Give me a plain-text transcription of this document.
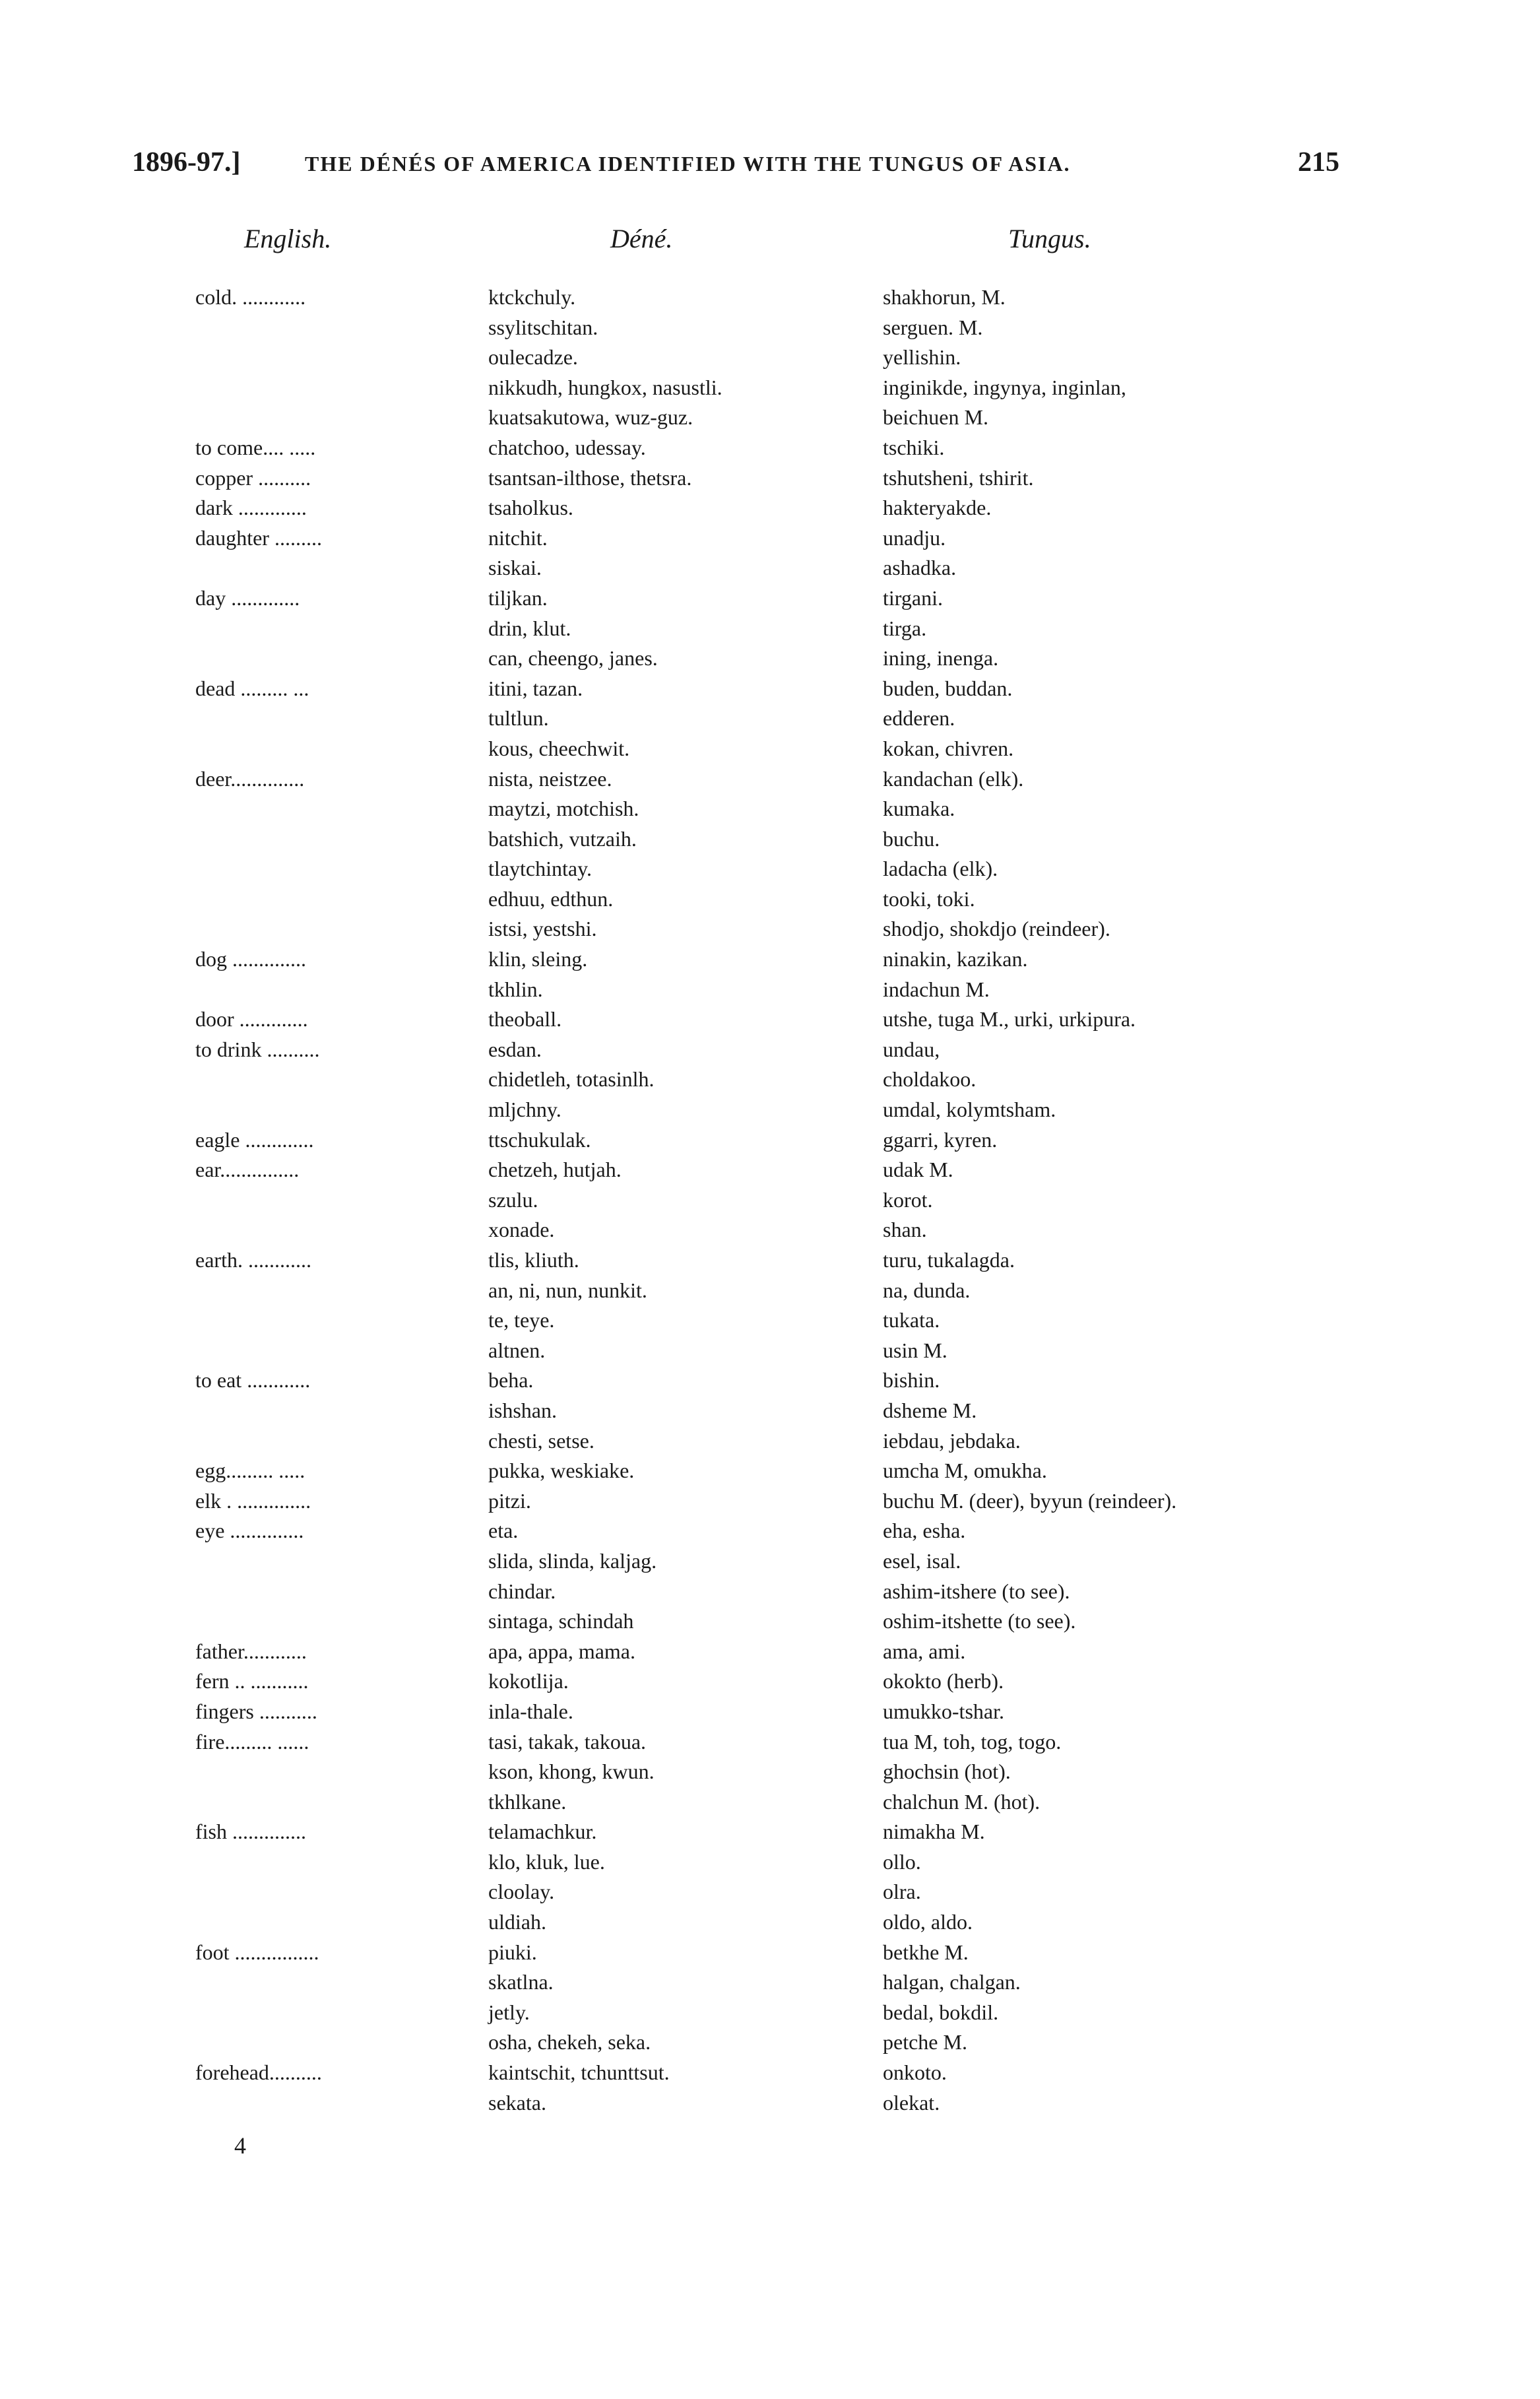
1896-97.]	THE DÉNÉS OF AMERICA IDENTIFIED WITH THE TUNGUS OF ASIA.	215
English.	Déné.	Tungus.
cold. ............	ktckchuly.	shakhorun, M.
ssylitschitan.	serguen. M.
oulecadze.	yellishin.
nikkudh, hungkox, nasustli.	inginikde, ingynya, inginlan,
kuatsakutowa, wuz-guz.	beichuen M.
to come.... .....	chatchoo, udessay.	tschiki.
copper ..........	tsantsan-ilthose, thetsra.	tshutsheni, tshirit.
dark .............	tsaholkus.	hakteryakde.
daughter .........	nitchit.	unadju.
siskai.	ashadka.
day .............	tiljkan.	tirgani.
drin, klut.	tirga.
can, cheengo, janes.	ining, inenga.
dead ......... ...	itini, tazan.	buden, buddan.
tultlun.	edderen.
kous, cheechwit.	kokan, chivren.
deer..............	nista, neistzee.	kandachan (elk).
maytzi, motchish.	kumaka.
batshich, vutzaih.	buchu.
tlaytchintay.	ladacha (elk).
edhuu, edthun.	tooki, toki.
istsi, yestshi.	shodjo, shokdjo (reindeer).
dog ..............	klin, sleing.	ninakin, kazikan.
tkhlin.	indachun M.
door .............	theoball.	utshe, tuga M., urki, urkipura.
to drink ..........	esdan.	undau,
chidetleh, totasinlh.	choldakoo.
mljchny.	umdal, kolymtsham.
eagle .............	ttschukulak.	ggarri, kyren.
ear...............	chetzeh, hutjah.	udak M.
szulu.	korot.
xonade.	shan.
earth. ............	tlis, kliuth.	turu, tukalagda.
an, ni, nun, nunkit.	na, dunda.
te, teye.	tukata.
altnen.	usin M.
to eat ............	beha.	bishin.
ishshan.	dsheme M.
chesti, setse.	iebdau, jebdaka.
egg......... .....	pukka, weskiake.	umcha M, omukha.
elk . ..............	pitzi.	buchu M. (deer), byyun (reindeer).
eye ..............	eta.	eha, esha.
slida, slinda, kaljag.	esel, isal.
chindar.	ashim-itshere (to see).
sintaga, schindah	oshim-itshette (to see).
father............	apa, appa, mama.	ama, ami.
fern .. ...........	kokotlija.	okokto (herb).
fingers ...........	inla-thale.	umukko-tshar.
fire......... ......	tasi, takak, takoua.	tua M, toh, tog, togo.
kson, khong, kwun.	ghochsin (hot).
tkhlkane.	chalchun M. (hot).
fish ..............	telamachkur.	nimakha M.
klo, kluk, lue.	ollo.
cloolay.	olra.
uldiah.	oldo, aldo.
foot ................	piuki.	betkhe M.
skatlna.	halgan, chalgan.
jetly.	bedal, bokdil.
osha, chekeh, seka.	petche M.
forehead..........	kaintschit, tchunttsut.	onkoto.
sekata.	olekat.
4
